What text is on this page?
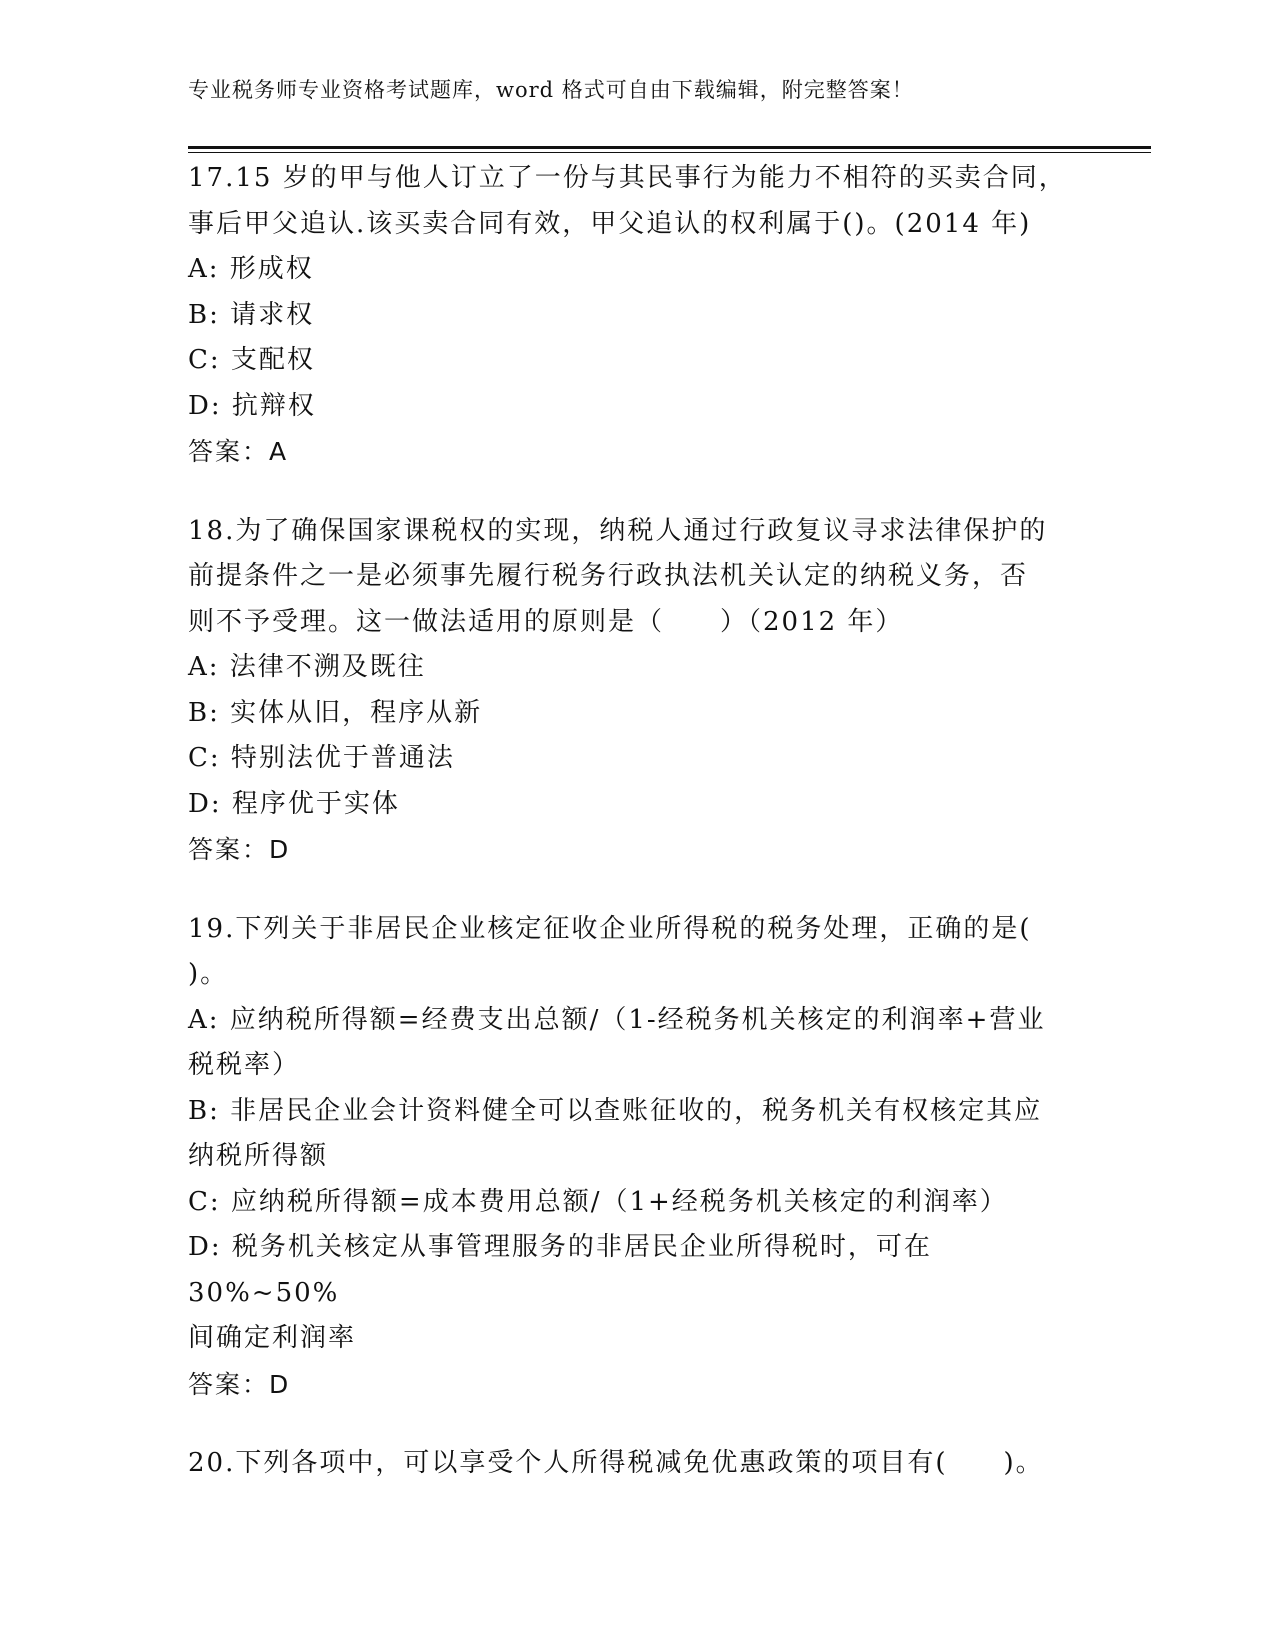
专业税务师专业资格考试题库，word 格式可自由下载编辑，附完整答案！
17.15 岁的甲与他人订立了一份与其民事行为能力不相符的买卖合同，
事后甲父追认.该买卖合同有效，甲父追认的权利属于()。(2014 年)
A: 形成权
B: 请求权
C: 支配权
D: 抗辩权
答案：A
18.为了确保国家课税权的实现，纳税人通过行政复议寻求法律保护的
前提条件之一是必须事先履行税务行政执法机关认定的纳税义务，否
则不予受理。这一做法适用的原则是（　　）（2012 年）
A: 法律不溯及既往
B: 实体从旧，程序从新
C: 特别法优于普通法
D: 程序优于实体
答案：D
19.下列关于非居民企业核定征收企业所得税的税务处理，正确的是(
)。
A: 应纳税所得额=经费支出总额/（1-经税务机关核定的利润率+营业
税税率）
B: 非居民企业会计资料健全可以查账征收的，税务机关有权核定其应
纳税所得额
C: 应纳税所得额=成本费用总额/（1+经税务机关核定的利润率）
D: 税务机关核定从事管理服务的非居民企业所得税时，可在 30%~50%
间确定利润率
答案：D
20.下列各项中，可以享受个人所得税减免优惠政策的项目有(　　)。
